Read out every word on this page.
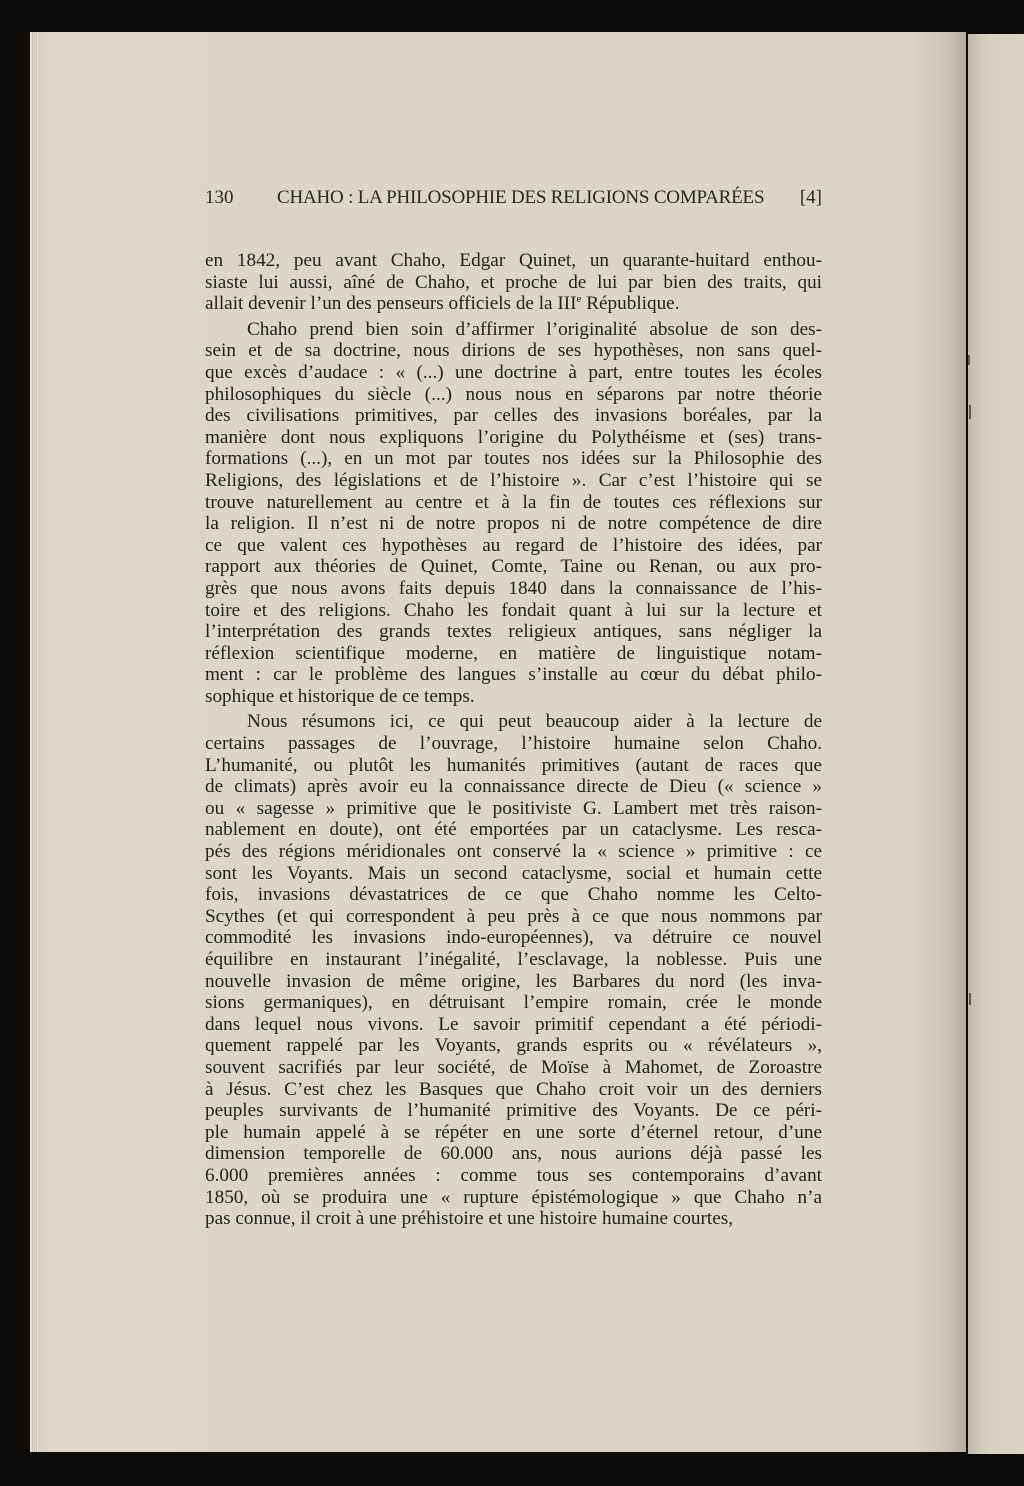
130 CHAHO : LA PHILOSOPHIE DES RELIGIONS COMPARÉES [4]
en 1842, peu avant Chaho, Edgar Quinet, un quarante-huitard enthou-
siaste lui aussi, aîné de Chaho, et proche de lui par bien des traits, qui
allait devenir l’un des penseurs officiels de la IIIe République.
Chaho prend bien soin d’affirmer l’originalité absolue de son des-
sein et de sa doctrine, nous dirions de ses hypothèses, non sans quel-
que excès d’audace : « (...) une doctrine à part, entre toutes les écoles
philosophiques du siècle (...) nous nous en séparons par notre théorie
des civilisations primitives, par celles des invasions boréales, par la
manière dont nous expliquons l’origine du Polythéisme et (ses) trans-
formations (...), en un mot par toutes nos idées sur la Philosophie des
Religions, des législations et de l’histoire ». Car c’est l’histoire qui se
trouve naturellement au centre et à la fin de toutes ces réflexions sur
la religion. Il n’est ni de notre propos ni de notre compétence de dire
ce que valent ces hypothèses au regard de l’histoire des idées, par
rapport aux théories de Quinet, Comte, Taine ou Renan, ou aux pro-
grès que nous avons faits depuis 1840 dans la connaissance de l’his-
toire et des religions. Chaho les fondait quant à lui sur la lecture et
l’interprétation des grands textes religieux antiques, sans négliger la
réflexion scientifique moderne, en matière de linguistique notam-
ment : car le problème des langues s’installe au cœur du débat philo-
sophique et historique de ce temps.
Nous résumons ici, ce qui peut beaucoup aider à la lecture de
certains passages de l’ouvrage, l’histoire humaine selon Chaho.
L’humanité, ou plutôt les humanités primitives (autant de races que
de climats) après avoir eu la connaissance directe de Dieu (« science »
ou « sagesse » primitive que le positiviste G. Lambert met très raison-
nablement en doute), ont été emportées par un cataclysme. Les resca-
pés des régions méridionales ont conservé la « science » primitive : ce
sont les Voyants. Mais un second cataclysme, social et humain cette
fois, invasions dévastatrices de ce que Chaho nomme les Celto-
Scythes (et qui correspondent à peu près à ce que nous nommons par
commodité les invasions indo-européennes), va détruire ce nouvel
équilibre en instaurant l’inégalité, l’esclavage, la noblesse. Puis une
nouvelle invasion de même origine, les Barbares du nord (les inva-
sions germaniques), en détruisant l’empire romain, crée le monde
dans lequel nous vivons. Le savoir primitif cependant a été périodi-
quement rappelé par les Voyants, grands esprits ou « révélateurs »,
souvent sacrifiés par leur société, de Moïse à Mahomet, de Zoroastre
à Jésus. C’est chez les Basques que Chaho croit voir un des derniers
peuples survivants de l’humanité primitive des Voyants. De ce péri-
ple humain appelé à se répéter en une sorte d’éternel retour, d’une
dimension temporelle de 60.000 ans, nous aurions déjà passé les
6.000 premières années : comme tous ses contemporains d’avant
1850, où se produira une « rupture épistémologique » que Chaho n’a
pas connue, il croit à une préhistoire et une histoire humaine courtes,
